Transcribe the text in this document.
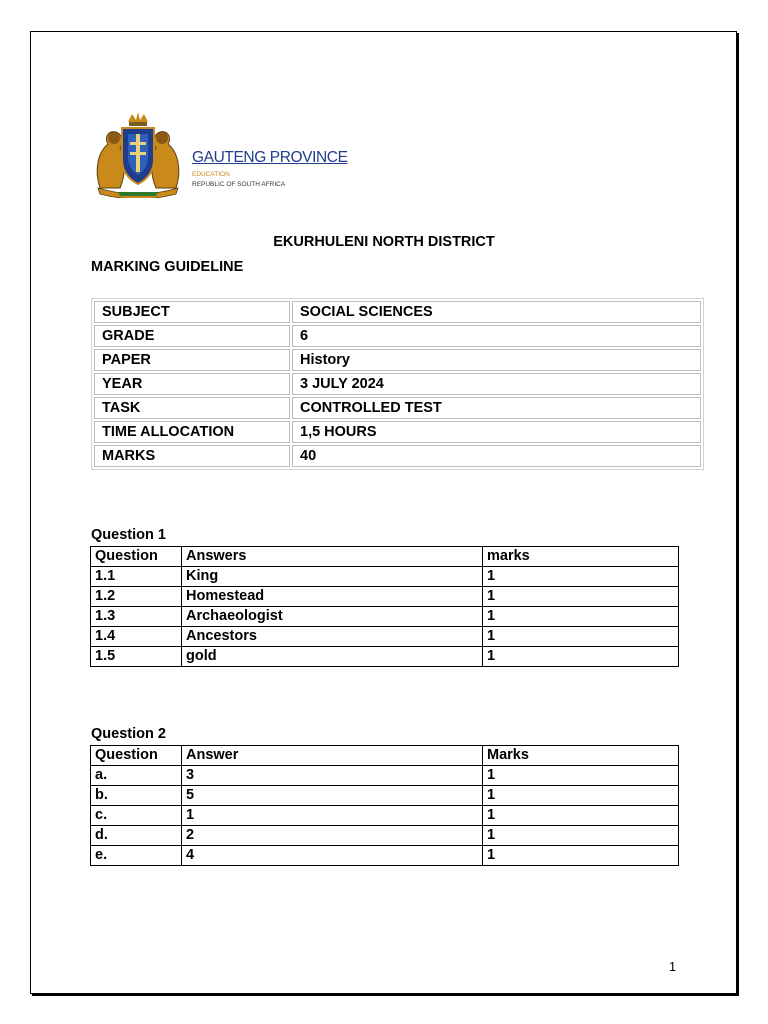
GAUTENG PROVINCE
EDUCATION
REPUBLIC OF SOUTH AFRICA
EKURHULENI NORTH DISTRICT
MARKING GUIDELINE
SUBJECT	SOCIAL SCIENCES
GRADE	6
PAPER	History
YEAR	3 JULY 2024
TASK	CONTROLLED TEST
TIME ALLOCATION	1,5 HOURS
MARKS	40
Question 1
Question	Answers	marks
1.1	King	1
1.2	Homestead	1
1.3	Archaeologist	1
1.4	Ancestors	1
1.5	gold	1
Question 2
Question	Answer	Marks
a.	3	1
b.	5	1
c.	1	1
d.	2	1
e.	4	1
1
